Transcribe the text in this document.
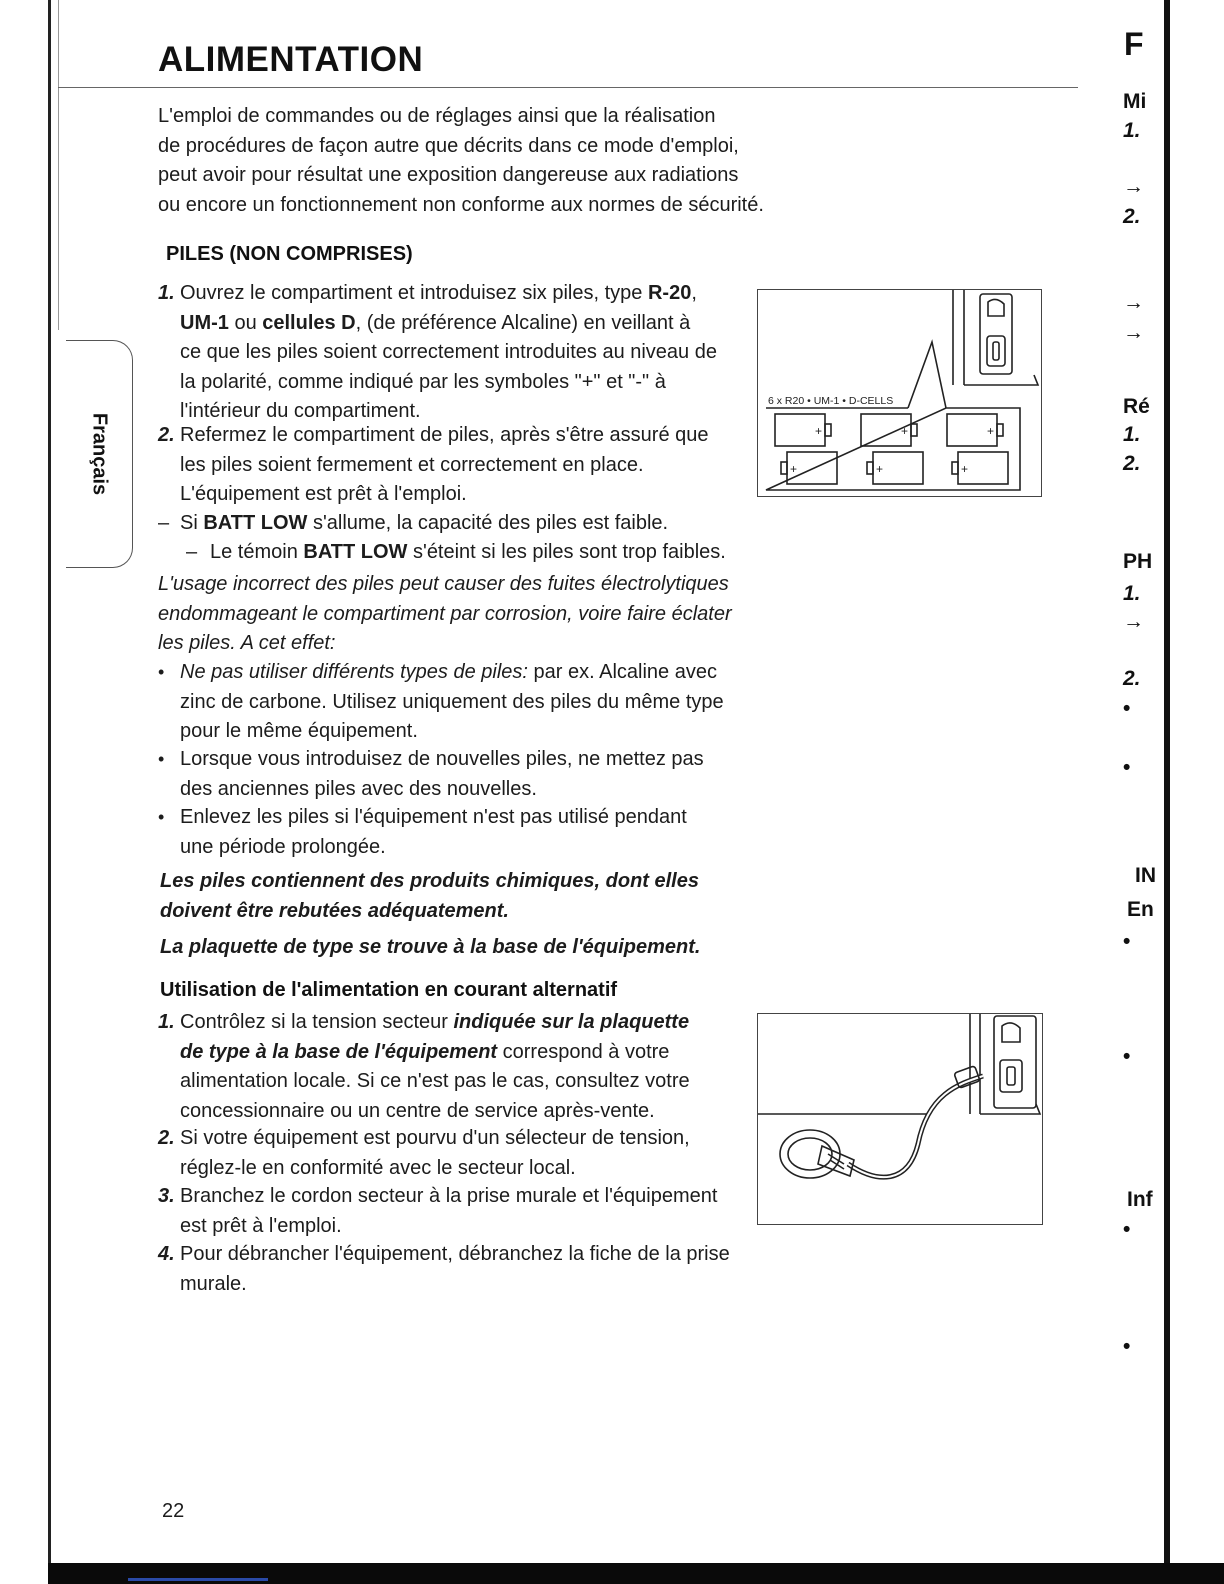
ALIMENTATION
Français
L'emploi de commandes ou de réglages ainsi que la réalisation
de procédures de façon autre que décrits dans ce mode d'emploi,
peut avoir pour résultat une exposition dangereuse aux radiations
ou encore un fonctionnement non conforme aux normes de sécurité.
PILES (NON COMPRISES)
1. Ouvrez le compartiment et introduisez six piles, type R-20,
UM-1 ou cellules D, (de préférence Alcaline) en veillant à
ce que les piles soient correctement introduites au niveau de
la polarité, comme indiqué par les symboles "+" et "-" à
l'intérieur du compartiment.
2. Refermez le compartiment de piles, après s'être assuré que
les piles soient fermement et correctement en place.
L'équipement est prêt à l'emploi.
– Si BATT LOW s'allume, la capacité des piles est faible.
– Le témoin BATT LOW s'éteint si les piles sont trop faibles.
L'usage incorrect des piles peut causer des fuites électrolytiques
endommageant le compartiment par corrosion, voire faire éclater
les piles. A cet effet:
• Ne pas utiliser différents types de piles: par ex. Alcaline avec
zinc de carbone. Utilisez uniquement des piles du même type
pour le même équipement.
• Lorsque vous introduisez de nouvelles piles, ne mettez pas
des anciennes piles avec des nouvelles.
• Enlevez les piles si l'équipement n'est pas utilisé pendant
une période prolongée.
Les piles contiennent des produits chimiques, dont elles
doivent être rebutées adéquatement.
La plaquette de type se trouve à la base de l'équipement.
+	+	+
+	+	+
6 x R20 • UM-1 • D-CELLS
Utilisation de l'alimentation en courant alternatif
1. Contrôlez si la tension secteur indiquée sur la plaquette
de type à la base de l'équipement correspond à votre
alimentation locale. Si ce n'est pas le cas, consultez votre
concessionnaire ou un centre de service après-vente.
2. Si votre équipement est pourvu d'un sélecteur de tension,
réglez-le en conformité avec le secteur local.
3. Branchez le cordon secteur à la prise murale et l'équipement
est prêt à l'emploi.
4. Pour débrancher l'équipement, débranchez la fiche de la prise
murale.
22
F
Mi
1.
→
2.
→
→
Ré
1.
2.
PH
1.
→
2.
•
•
IN
En
•
•
Inf
•
•
